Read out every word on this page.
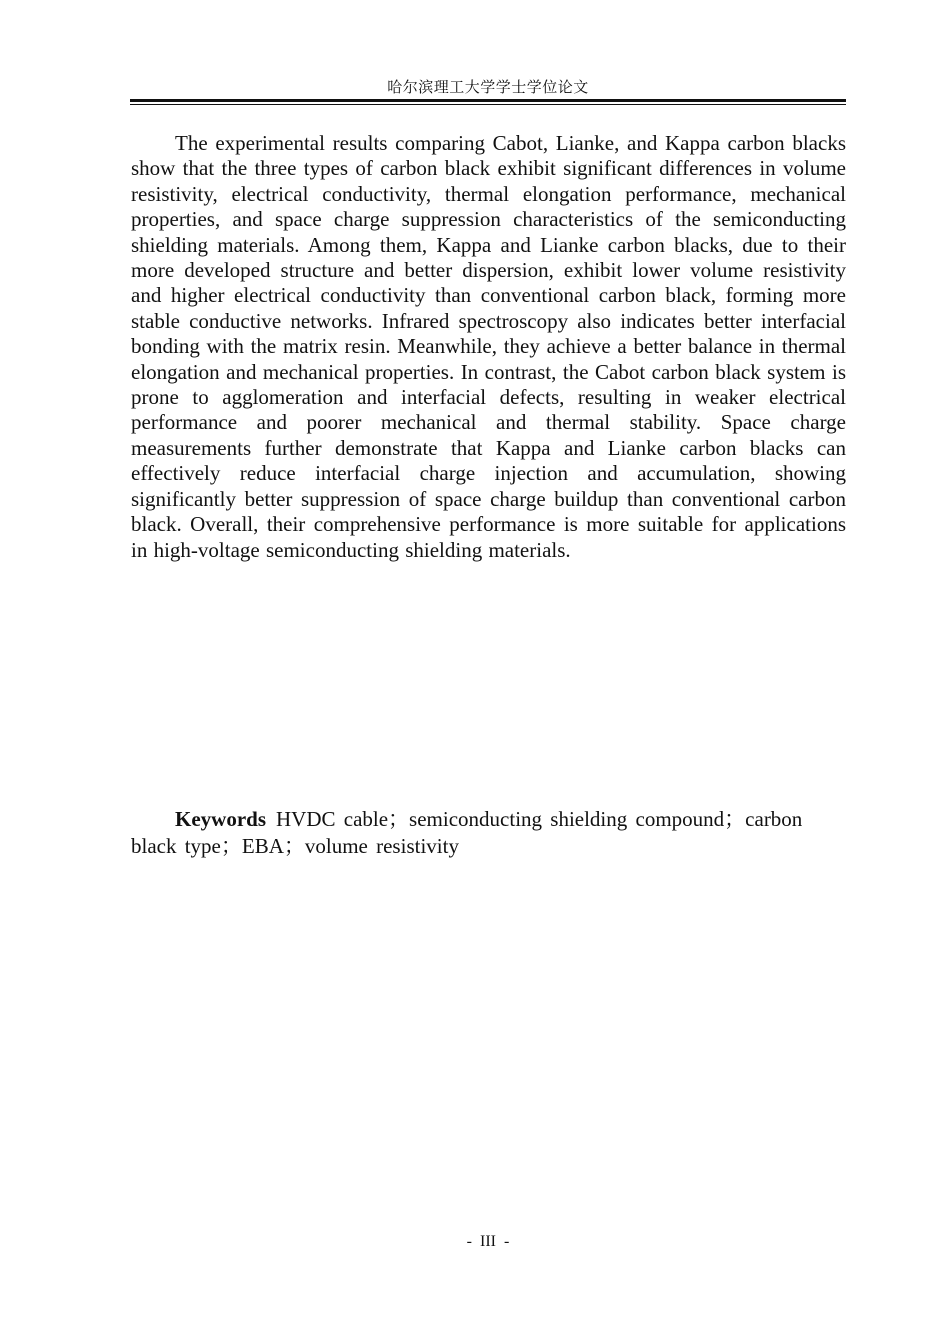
哈尔滨理工大学学士学位论文

The experimental results comparing Cabot, Lianke, and Kappa carbon blacks show that the three types of carbon black exhibit significant differences in volume resistivity, electrical conductivity, thermal elongation performance, mechanical properties, and space charge suppression characteristics of the semiconducting shielding materials. Among them, Kappa and Lianke carbon blacks, due to their more developed structure and better dispersion, exhibit lower volume resistivity and higher electrical conductivity than conventional carbon black, forming more stable conductive networks. Infrared spectroscopy also indicates better interfacial bonding with the matrix resin. Meanwhile, they achieve a better balance in thermal elongation and mechanical properties. In contrast, the Cabot carbon black system is prone to agglomeration and interfacial defects, resulting in weaker electrical performance and poorer mechanical and thermal stability. Space charge measurements further demonstrate that Kappa and Lianke carbon blacks can effectively reduce interfacial charge injection and accumulation, showing significantly better suppression of space charge buildup than conventional carbon black. Overall, their comprehensive performance is more suitable for applications in high-voltage semiconducting shielding materials.

Keywords HVDC cable；semiconducting shielding compound；carbon black type；EBA；volume resistivity

- III -
